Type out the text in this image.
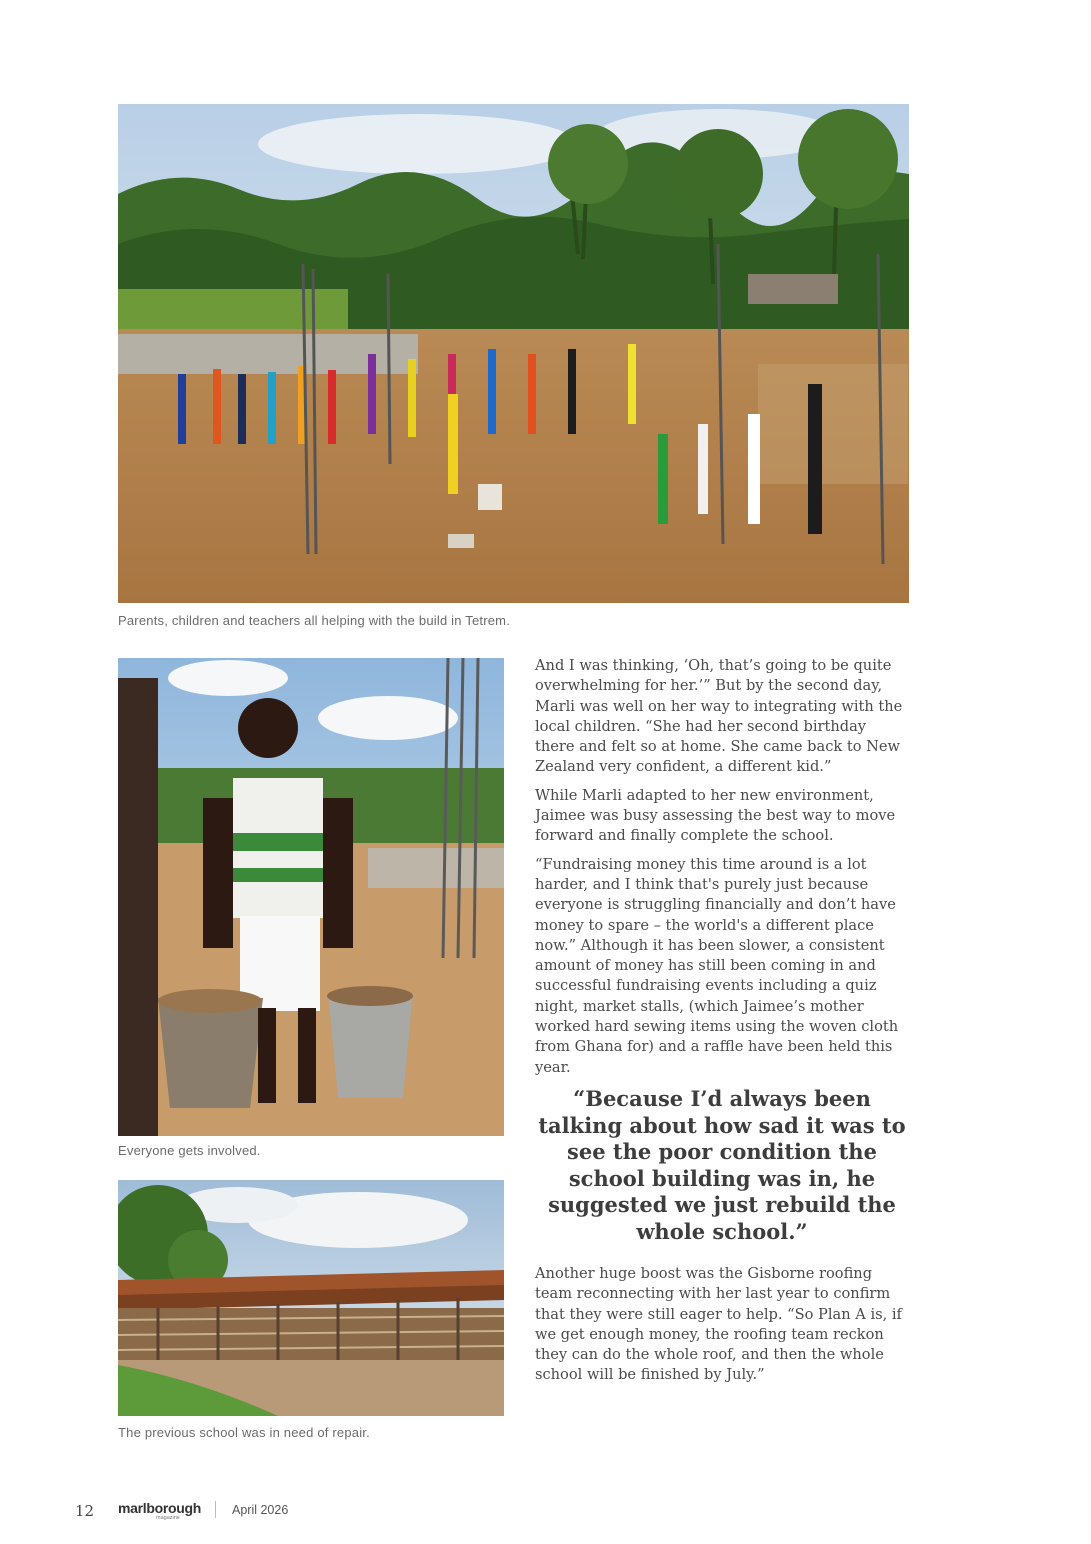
Parents, children and teachers all helping with the build in Tetrem.
Everyone gets involved.
The previous school was in need of repair.

And I was thinking, ‘Oh, that’s going to be quite overwhelming for her.’” But by the second day, Marli was well on her way to integrating with the local children. “She had her second birthday there and felt so at home. She came back to New Zealand very confident, a different kid.”

While Marli adapted to her new environment, Jaimee was busy assessing the best way to move forward and finally complete the school.

“Fundraising money this time around is a lot harder, and I think that's purely just because everyone is struggling financially and don’t have money to spare – the world's a different place now.” Although it has been slower, a consistent amount of money has still been coming in and successful fundraising events including a quiz night, market stalls, (which Jaimee’s mother worked hard sewing items using the woven cloth from Ghana for) and a raffle have been held this year.

“Because I’d always been talking about how sad it was to see the poor condition the school building was in, he suggested we just rebuild the whole school.”

Another huge boost was the Gisborne roofing team reconnecting with her last year to confirm that they were still eager to help. “So Plan A is, if we get enough money, the roofing team reckon they can do the whole roof, and then the whole school will be finished by July.”

12 marlborough
magazine
April 2026
